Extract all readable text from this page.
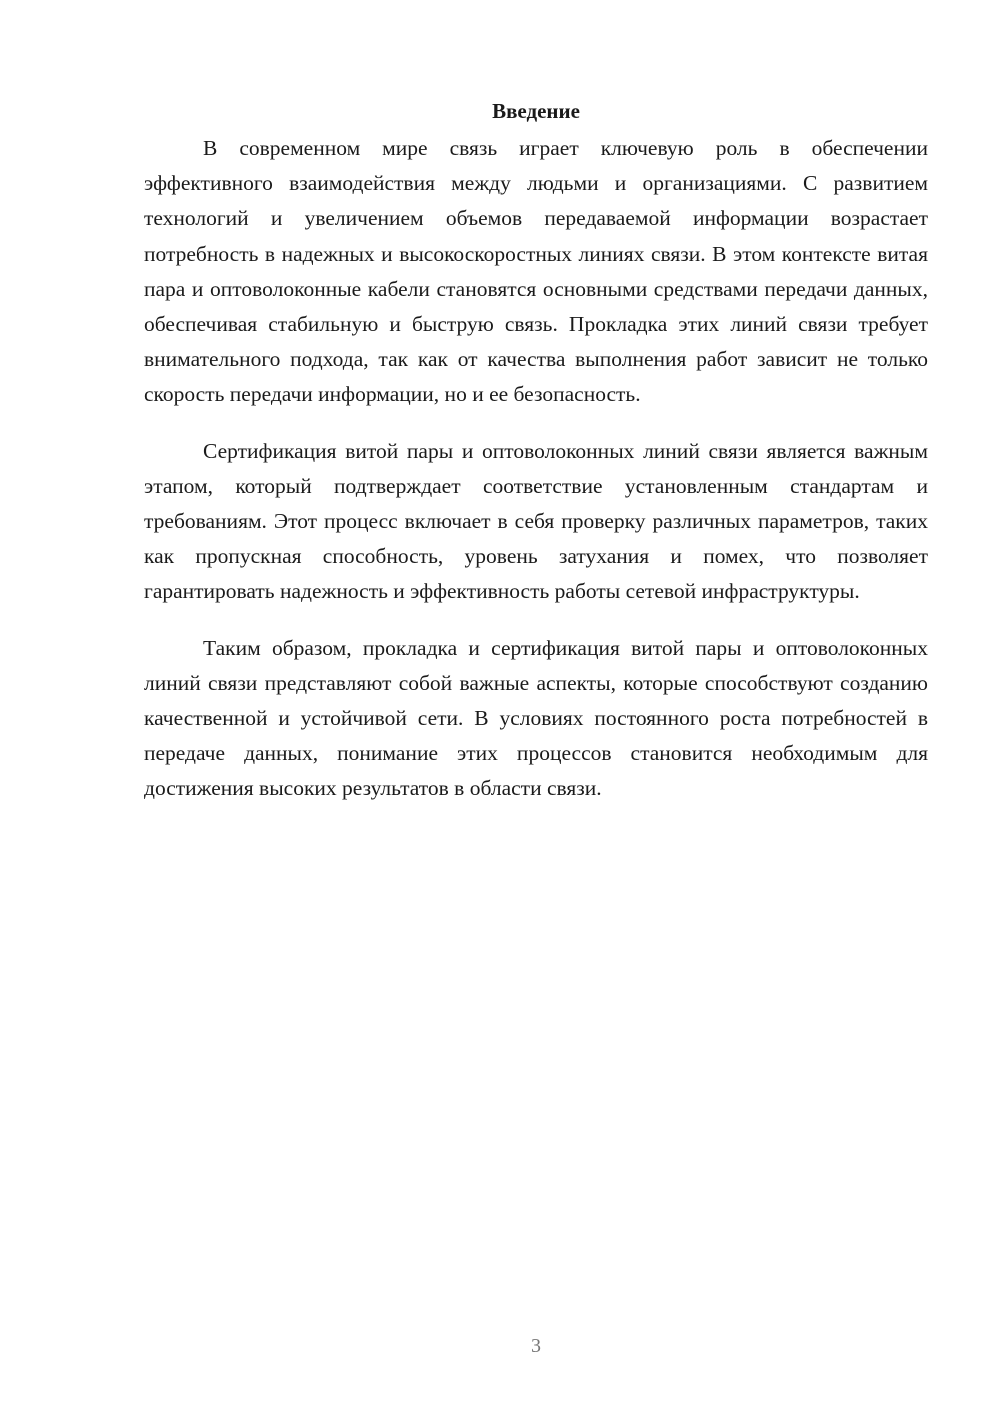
Введение

В современном мире связь играет ключевую роль в обеспечении эффективного взаимодействия между людьми и организациями. С развитием технологий и увеличением объемов передаваемой информации возрастает потребность в надежных и высокоскоростных линиях связи. В этом контексте витая пара и оптоволоконные кабели становятся основными средствами передачи данных, обеспечивая стабильную и быструю связь. Прокладка этих линий связи требует внимательного подхода, так как от качества выполнения работ зависит не только скорость передачи информации, но и ее безопасность.

Сертификация витой пары и оптоволоконных линий связи является важным этапом, который подтверждает соответствие установленным стандартам и требованиям. Этот процесс включает в себя проверку различных параметров, таких как пропускная способность, уровень затухания и помех, что позволяет гарантировать надежность и эффективность работы сетевой инфраструктуры.

Таким образом, прокладка и сертификация витой пары и оптоволоконных линий связи представляют собой важные аспекты, которые способствуют созданию качественной и устойчивой сети. В условиях постоянного роста потребностей в передаче данных, понимание этих процессов становится необходимым для достижения высоких результатов в области связи.

3
